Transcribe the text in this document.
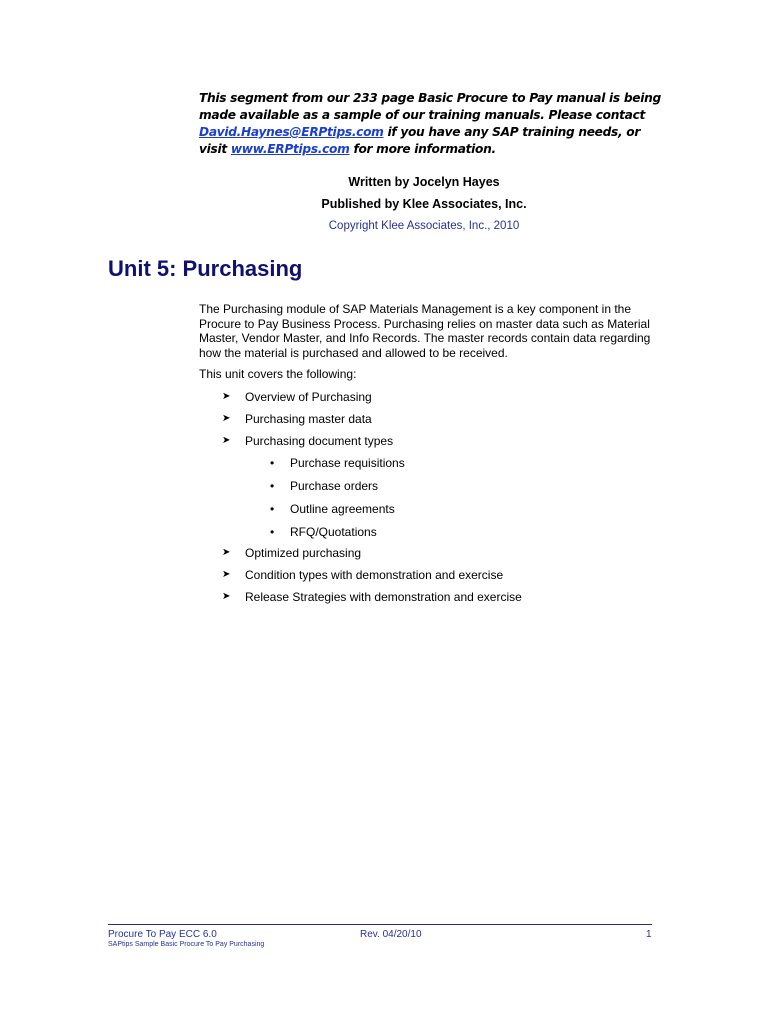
This segment from our 233 page Basic Procure to Pay manual is being made available as a sample of our training manuals. Please contact David.Haynes@ERPtips.com if you have any SAP training needs, or visit www.ERPtips.com for more information.
Written by Jocelyn Hayes
Published by Klee Associates, Inc.
Copyright Klee Associates, Inc., 2010
Unit 5: Purchasing
The Purchasing module of SAP Materials Management is a key component in the Procure to Pay Business Process. Purchasing relies on master data such as Material Master, Vendor Master, and Info Records. The master records contain data regarding how the material is purchased and allowed to be received.
This unit covers the following:
➤ Overview of Purchasing
➤ Purchasing master data
➤ Purchasing document types
• Purchase requisitions
• Purchase orders
• Outline agreements
• RFQ/Quotations
➤ Optimized purchasing
➤ Condition types with demonstration and exercise
➤ Release Strategies with demonstration and exercise
Procure To Pay ECC 6.0	Rev. 04/20/10	1
SAPtips Sample Basic Procure To Pay Purchasing
